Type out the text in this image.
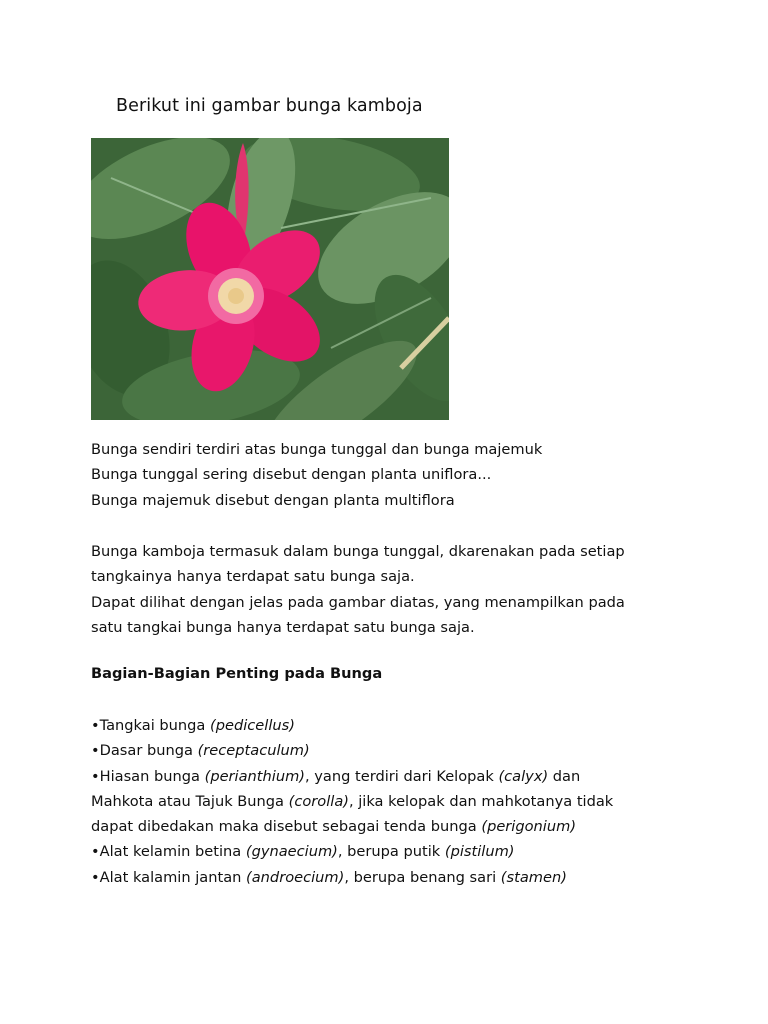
Berikut ini gambar bunga kamboja
Bunga sendiri terdiri atas bunga tunggal dan bunga majemuk
Bunga tunggal sering disebut dengan planta uniflora...
Bunga majemuk disebut dengan planta multiflora
Bunga kamboja termasuk dalam bunga tunggal, dkarenakan pada setiap
tangkainya hanya terdapat satu bunga saja.
Dapat dilihat dengan jelas pada gambar diatas, yang menampilkan pada
satu tangkai bunga hanya terdapat satu bunga saja.
Bagian-Bagian Penting pada Bunga
•Tangkai bunga (pedicellus)
•Dasar bunga (receptaculum)
•Hiasan bunga (perianthium), yang terdiri dari Kelopak (calyx) dan
Mahkota atau Tajuk Bunga (corolla), jika kelopak dan mahkotanya tidak
dapat dibedakan maka disebut sebagai tenda bunga (perigonium)
•Alat kelamin betina (gynaecium), berupa putik (pistilum)
•Alat kalamin jantan (androecium), berupa benang sari (stamen)
